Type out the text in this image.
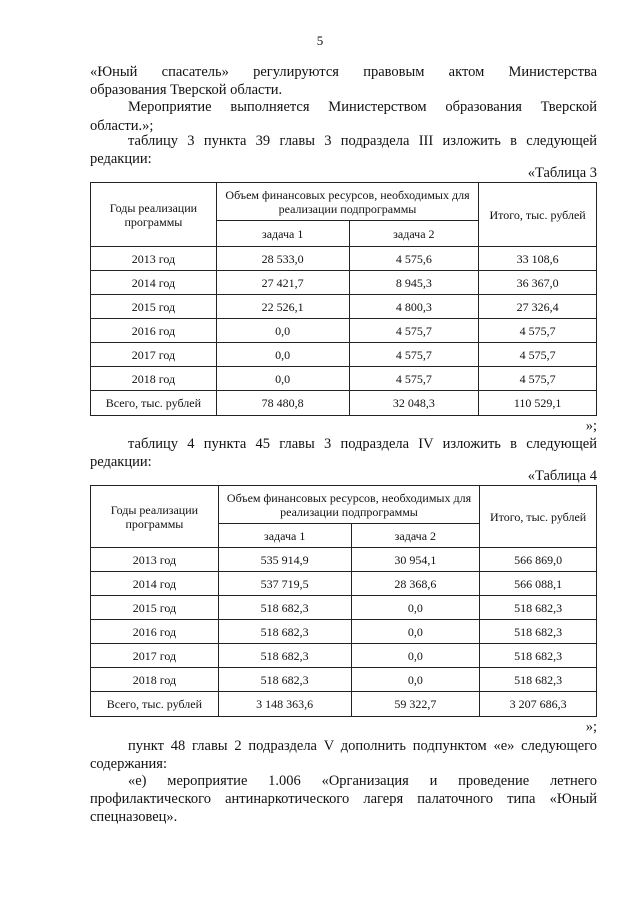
5
«Юный спасатель» регулируются правовым актом Министерства
образования Тверской области.
Мероприятие выполняется Министерством образования Тверской
области.»;
таблицу 3 пункта 39 главы 3 подраздела III изложить в следующей
редакции:
«Таблица 3
Годы реализации программы	Объем финансовых ресурсов, необходимых для реализации подпрограммы		Итого, тыс. рублей
	задача 1	задача 2	
2013 год	28 533,0	4 575,6	33 108,6
2014 год	27 421,7	8 945,3	36 367,0
2015 год	22 526,1	4 800,3	27 326,4
2016 год	0,0	4 575,7	4 575,7
2017 год	0,0	4 575,7	4 575,7
2018 год	0,0	4 575,7	4 575,7
Всего, тыс. рублей	78 480,8	32 048,3	110 529,1
»;
таблицу 4 пункта 45 главы 3 подраздела IV изложить в следующей
редакции:
«Таблица 4
Годы реализации программы	Объем финансовых ресурсов, необходимых для реализации подпрограммы		Итого, тыс. рублей
	задача 1	задача 2	
2013 год	535 914,9	30 954,1	566 869,0
2014 год	537 719,5	28 368,6	566 088,1
2015 год	518 682,3	0,0	518 682,3
2016 год	518 682,3	0,0	518 682,3
2017 год	518 682,3	0,0	518 682,3
2018 год	518 682,3	0,0	518 682,3
Всего, тыс. рублей	3 148 363,6	59 322,7	3 207 686,3
»;
пункт 48 главы 2 подраздела V дополнить подпунктом «е» следующего
содержания:
«е) мероприятие 1.006 «Организация и проведение летнего
профилактического антинаркотического лагеря палаточного типа «Юный
спецназовец».
